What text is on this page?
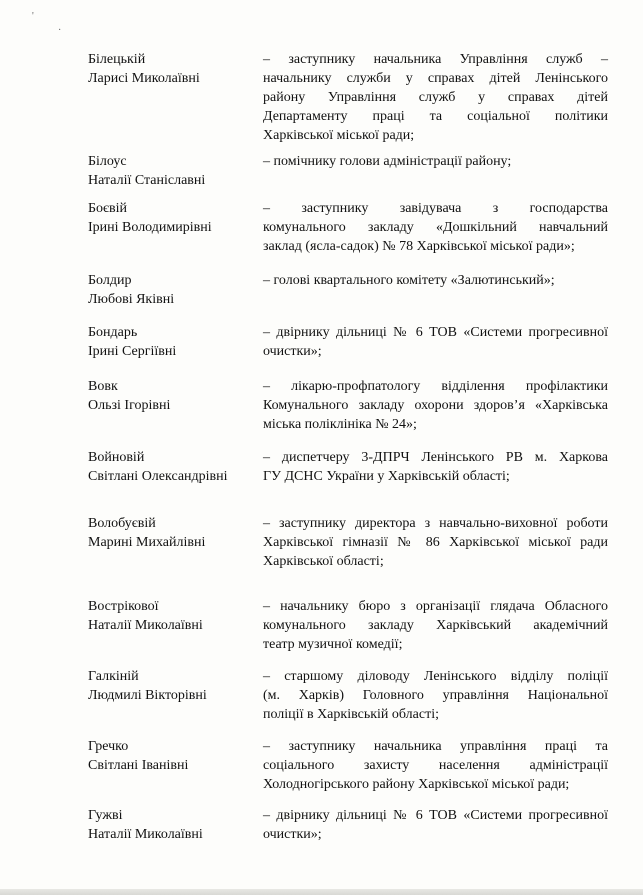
'
·
Білецькій
Ларисі Миколаївні
– заступнику начальника Управління служб –
начальнику служби у справах дітей Ленінського
району Управління служб у справах дітей
Департаменту праці та соціальної політики
Харківської міської ради;
Білоус
Наталії Станіславні
– помічнику голови адміністрації району;
Боєвій
Ірині Володимирівні
– заступнику завідувача з господарства
комунального закладу «Дошкільний навчальний
заклад (ясла-садок) № 78 Харківської міської ради»;
Болдир
Любові Яківні
– голові квартального комітету «Залютинський»;
Бондарь
Ірині Сергіївні
– двірнику дільниці № 6 ТОВ «Системи прогресивної
очистки»;
Вовк
Ользі Ігорівні
– лікарю-профпатологу відділення профілактики
Комунального закладу охорони здоров’я «Харківська
міська поліклініка № 24»;
Войновій
Світлані Олександрівні
– диспетчеру 3-ДПРЧ Ленінського РВ м. Харкова
ГУ ДСНС України у Харківській області;
Волобуєвій
Марині Михайлівні
– заступнику директора з навчально-виховної роботи
Харківської гімназії № 86 Харківської міської ради
Харківської області;
Вострікової
Наталії Миколаївні
– начальнику бюро з організації глядача Обласного
комунального закладу Харківський академічний
театр музичної комедії;
Галкіній
Людмилі Вікторівні
– старшому діловоду Ленінського відділу поліції
(м. Харків) Головного управління Національної
поліції в Харківській області;
Гречко
Світлані Іванівні
– заступнику начальника управління праці та
соціального захисту населення адміністрації
Холодногірського району Харківської міської ради;
Гужві
Наталії Миколаївні
– двірнику дільниці № 6 ТОВ «Системи прогресивної
очистки»;
